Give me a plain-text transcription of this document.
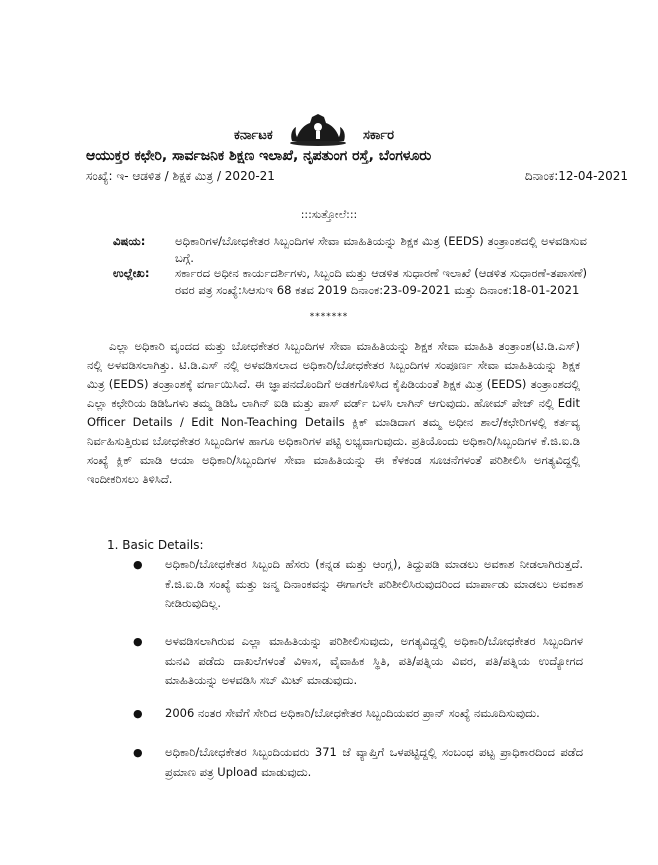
ಕರ್ನಾಟಕ	ಸರ್ಕಾರ
ಆಯುಕ್ತರ ಕಛೇರಿ, ಸಾರ್ವಜನಿಕ ಶಿಕ್ಷಣ ಇಲಾಖೆ, ನೃಪತುಂಗ ರಸ್ತೆ, ಬೆಂಗಳೂರು
ಸಂಖ್ಯೆ: ಇ- ಆಡಳಿತ / ಶಿಕ್ಷಕ ಮಿತ್ರ / 2020-21	ದಿನಾಂಕ:12-04-2021
:::ಸುತ್ತೋಲೆ:::
ವಿಷಯ:	ಅಧಿಕಾರಿಗಳ/ಬೋಧಕೇತರ ಸಿಬ್ಬಂದಿಗಳ ಸೇವಾ ಮಾಹಿತಿಯನ್ನು ಶಿಕ್ಷಕ ಮಿತ್ರ (EEDS) ತಂತ್ರಾಂಶದಲ್ಲಿ ಅಳವಡಿಸುವ ಬಗ್ಗೆ.
ಉಲ್ಲೇಖ:	ಸರ್ಕಾರದ ಅಧೀನ ಕಾರ್ಯದರ್ಶಿಗಳು, ಸಿಬ್ಬಂದಿ ಮತ್ತು ಆಡಳಿತ ಸುಧಾರಣೆ ಇಲಾಖೆ (ಆಡಳಿತ ಸುಧಾರಣೆ-ತಪಾಸಣೆ) ರವರ ಪತ್ರ ಸಂಖ್ಯೆ:ಸಿಆಸುಇ 68 ಕತವ 2019 ದಿನಾಂಕ:23-09-2021 ಮತ್ತು ದಿನಾಂಕ:18-01-2021
*******
ಎಲ್ಲಾ ಅಧಿಕಾರಿ ವೃಂದದ ಮತ್ತು ಬೋಧಕೇತರ ಸಿಬ್ಬಂದಿಗಳ ಸೇವಾ ಮಾಹಿತಿಯನ್ನು ಶಿಕ್ಷಕ ಸೇವಾ ಮಾಹಿತಿ ತಂತ್ರಾಂಶ(ಟಿ.ಡಿ.ಎಸ್) ನಲ್ಲಿ ಅಳವಡಿಸಲಾಗಿತ್ತು. ಟಿ.ಡಿ.ಎಸ್ ನಲ್ಲಿ ಅಳವಡಿಸಲಾದ ಅಧಿಕಾರಿ/ಬೋಧಕೇತರ ಸಿಬ್ಬಂದಿಗಳ ಸಂಪೂರ್ಣ ಸೇವಾ ಮಾಹಿತಿಯನ್ನು ಶಿಕ್ಷಕ ಮಿತ್ರ (EEDS) ತಂತ್ರಾಂಶಕ್ಕೆ ವರ್ಗಾಯಿಸಿದೆ. ಈ ಜ್ಞಾಪನದೊಂದಿಗೆ ಅಡಕಗೊಳಿಸಿದ ಕೈಪಿಡಿಯಂತೆ ಶಿಕ್ಷಕ ಮಿತ್ರ (EEDS) ತಂತ್ರಾಂಶದಲ್ಲಿ ಎಲ್ಲಾ ಕಛೇರಿಯ ಡಿಡಿಓಗಳು ತಮ್ಮ ಡಿಡಿಓ ಲಾಗಿನ್ ಐಡಿ ಮತ್ತು ಪಾಸ್ ವರ್ಡ್ ಬಳಸಿ ಲಾಗಿನ್ ಆಗುವುದು. ಹೋಮ್ ಪೇಜ್ ನಲ್ಲಿ Edit Officer Details / Edit Non-Teaching Details ಕ್ಲಿಕ್ ಮಾಡಿದಾಗ ತಮ್ಮ ಅಧೀನ ಶಾಲೆ/ಕಛೇರಿಗಳಲ್ಲಿ ಕರ್ತವ್ಯ ನಿರ್ವಹಿಸುತ್ತಿರುವ ಬೋಧಕೇತರ ಸಿಬ್ಬಂದಿಗಳ ಹಾಗೂ ಅಧಿಕಾರಿಗಳ ಪಟ್ಟಿ ಲಭ್ಯವಾಗುವುದು. ಪ್ರತಿಯೊಂದು ಅಧಿಕಾರಿ/ಸಿಬ್ಬಂದಿಗಳ ಕೆ.ಜಿ.ಐ.ಡಿ ಸಂಖ್ಯೆ ಕ್ಲಿಕ್ ಮಾಡಿ ಆಯಾ ಅಧಿಕಾರಿ/ಸಿಬ್ಬಂದಿಗಳ ಸೇವಾ ಮಾಹಿತಿಯನ್ನು ಈ ಕೆಳಕಂಡ ಸೂಚನೆಗಳಂತೆ ಪರಿಶೀಲಿಸಿ ಅಗತ್ಯವಿದ್ದಲ್ಲಿ ಇಂದೀಕರಿಸಲು ತಿಳಿಸಿದೆ.
1. Basic Details:
● ಅಧಿಕಾರಿ/ಬೋಧಕೇತರ ಸಿಬ್ಬಂದಿ ಹೆಸರು (ಕನ್ನಡ ಮತ್ತು ಆಂಗ್ಲ), ತಿದ್ದುಪಡಿ ಮಾಡಲು ಅವಕಾಶ ನೀಡಲಾಗಿರುತ್ತದೆ. ಕೆ.ಜಿ.ಐ.ಡಿ ಸಂಖ್ಯೆ ಮತ್ತು ಜನ್ಮ ದಿನಾಂಕವನ್ನು ಈಗಾಗಲೇ ಪರಿಶೀಲಿಸಿರುವುದರಿಂದ ಮಾರ್ಪಾಡು ಮಾಡಲು ಅವಕಾಶ ನೀಡಿರುವುದಿಲ್ಲ.
● ಅಳವಡಿಸಲಾಗಿರುವ ಎಲ್ಲಾ ಮಾಹಿತಿಯನ್ನು ಪರಿಶೀಲಿಸುವುದು, ಅಗತ್ಯವಿದ್ದಲ್ಲಿ ಅಧಿಕಾರಿ/ಬೋಧಕೇತರ ಸಿಬ್ಬಂದಿಗಳ ಮನವಿ ಪಡೆದು ದಾಖಲೆಗಳಂತೆ ವಿಳಾಸ, ವೈವಾಹಿಕ ಸ್ಥಿತಿ, ಪತಿ/ಪತ್ನಿಯ ವಿವರ, ಪತಿ/ಪತ್ನಿಯ ಉದ್ಯೋಗದ ಮಾಹಿತಿಯನ್ನು ಅಳವಡಿಸಿ ಸಬ್ ಮಿಟ್ ಮಾಡುವುದು.
● 2006 ನಂತರ ಸೇವೆಗೆ ಸೇರಿದ ಅಧಿಕಾರಿ/ಬೋಧಕೇತರ ಸಿಬ್ಬಂದಿಯವರ ಪ್ರಾನ್ ಸಂಖ್ಯೆ ನಮೂದಿಸುವುದು.
● ಅಧಿಕಾರಿ/ಬೋಧಕೇತರ ಸಿಬ್ಬಂದಿಯವರು 371 ಜೆ ವ್ಯಾಪ್ತಿಗೆ ಒಳಪಟ್ಟಿದ್ದಲ್ಲಿ ಸಂಬಂಧ ಪಟ್ಟ ಪ್ರಾಧಿಕಾರದಿಂದ ಪಡೆದ ಪ್ರಮಾಣ ಪತ್ರ Upload ಮಾಡುವುದು.
